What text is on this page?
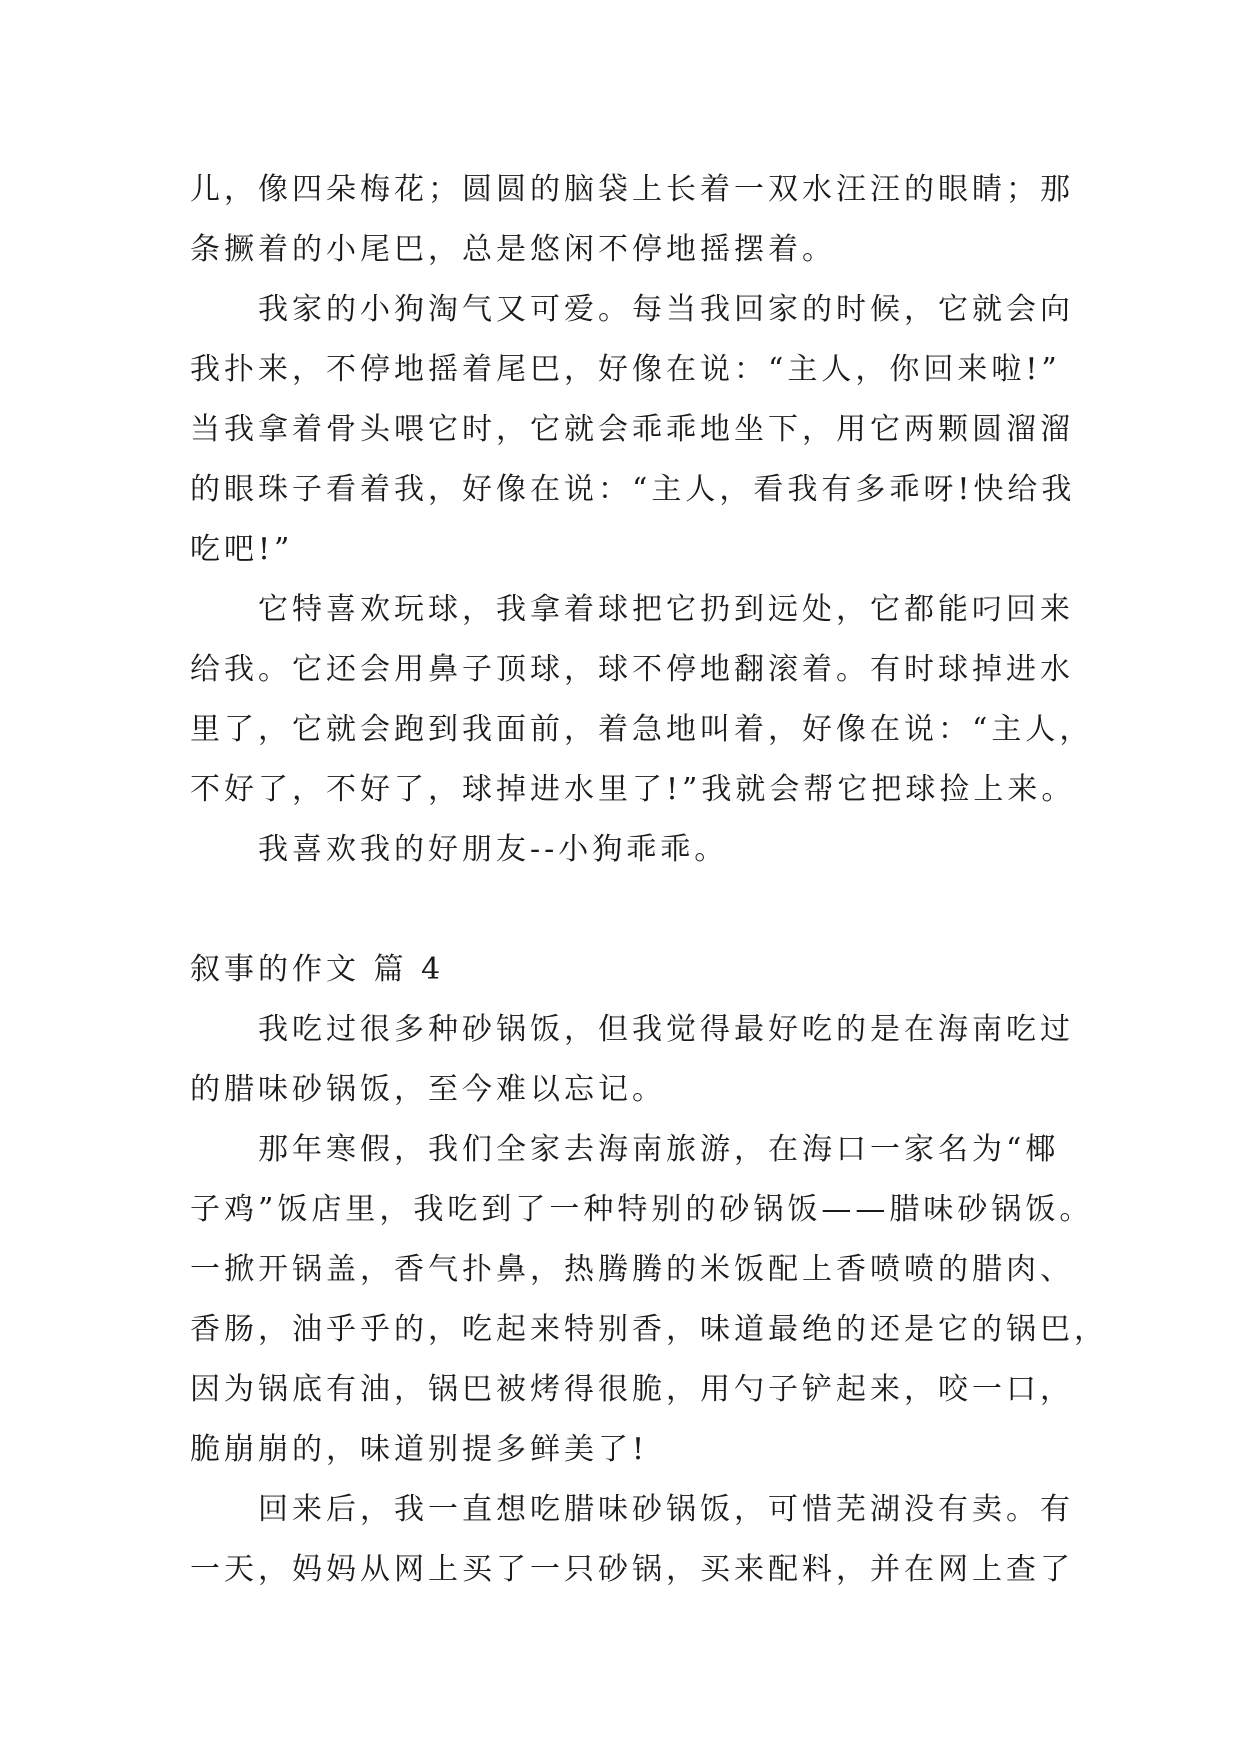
儿，像四朵梅花；圆圆的脑袋上长着一双水汪汪的眼睛；那
条撅着的小尾巴，总是悠闲不停地摇摆着。
我家的小狗淘气又可爱。每当我回家的时候，它就会向
我扑来，不停地摇着尾巴，好像在说：“主人，你回来啦!”
当我拿着骨头喂它时，它就会乖乖地坐下，用它两颗圆溜溜
的眼珠子看着我，好像在说：“主人，看我有多乖呀!快给我
吃吧!”
它特喜欢玩球，我拿着球把它扔到远处，它都能叼回来
给我。它还会用鼻子顶球，球不停地翻滚着。有时球掉进水
里了，它就会跑到我面前，着急地叫着，好像在说：“主人，
不好了，不好了，球掉进水里了!”我就会帮它把球捡上来。
我喜欢我的好朋友--小狗乖乖。
叙事的作文 篇 4
我吃过很多种砂锅饭，但我觉得最好吃的是在海南吃过
的腊味砂锅饭，至今难以忘记。
那年寒假，我们全家去海南旅游，在海口一家名为“椰
子鸡”饭店里，我吃到了一种特别的砂锅饭——腊味砂锅饭。
一掀开锅盖，香气扑鼻，热腾腾的米饭配上香喷喷的腊肉、
香肠，油乎乎的，吃起来特别香，味道最绝的还是它的锅巴，
因为锅底有油，锅巴被烤得很脆，用勺子铲起来，咬一口，
脆崩崩的，味道别提多鲜美了!
回来后，我一直想吃腊味砂锅饭，可惜芜湖没有卖。有
一天，妈妈从网上买了一只砂锅，买来配料，并在网上查了
